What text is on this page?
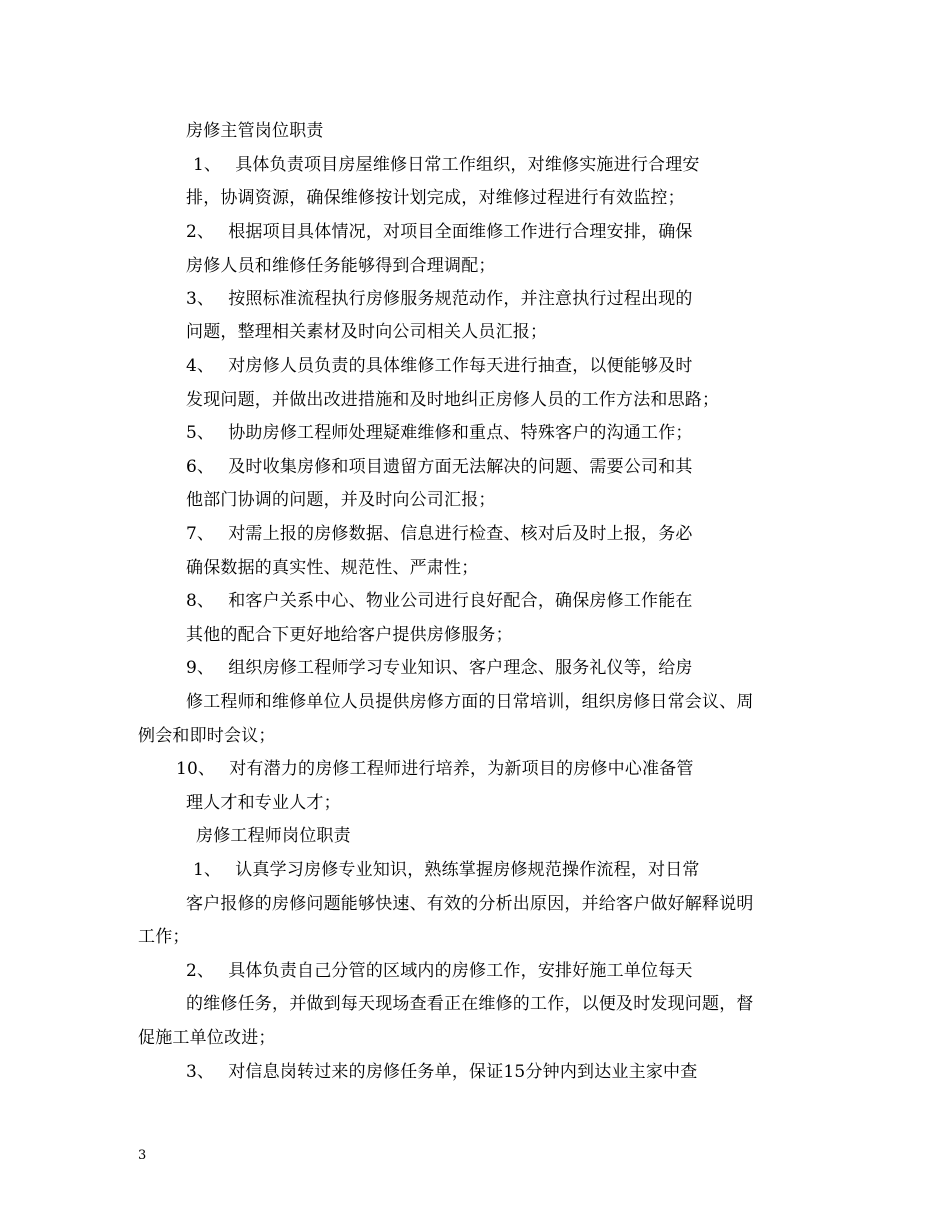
房修主管岗位职责
1、 具体负责项目房屋维修日常工作组织，对维修实施进行合理安
排，协调资源，确保维修按计划完成，对维修过程进行有效监控；
2、 根据项目具体情况，对项目全面维修工作进行合理安排，确保
房修人员和维修任务能够得到合理调配；
3、 按照标准流程执行房修服务规范动作，并注意执行过程出现的
问题，整理相关素材及时向公司相关人员汇报；
4、 对房修人员负责的具体维修工作每天进行抽查，以便能够及时
发现问题，并做出改进措施和及时地纠正房修人员的工作方法和思路；
5、 协助房修工程师处理疑难维修和重点、特殊客户的沟通工作；
6、 及时收集房修和项目遗留方面无法解决的问题、需要公司和其
他部门协调的问题，并及时向公司汇报；
7、 对需上报的房修数据、信息进行检查、核对后及时上报，务必
确保数据的真实性、规范性、严肃性；
8、 和客户关系中心、物业公司进行良好配合，确保房修工作能在
其他的配合下更好地给客户提供房修服务；
9、 组织房修工程师学习专业知识、客户理念、服务礼仪等，给房
修工程师和维修单位人员提供房修方面的日常培训，组织房修日常会议、周
例会和即时会议；
10、 对有潜力的房修工程师进行培养，为新项目的房修中心准备管
理人才和专业人才；
房修工程师岗位职责
1、 认真学习房修专业知识，熟练掌握房修规范操作流程，对日常
客户报修的房修问题能够快速、有效的分析出原因，并给客户做好解释说明
工作；
2、 具体负责自己分管的区域内的房修工作，安排好施工单位每天
的维修任务，并做到每天现场查看正在维修的工作，以便及时发现问题，督
促施工单位改进；
3、 对信息岗转过来的房修任务单，保证15分钟内到达业主家中查
3
